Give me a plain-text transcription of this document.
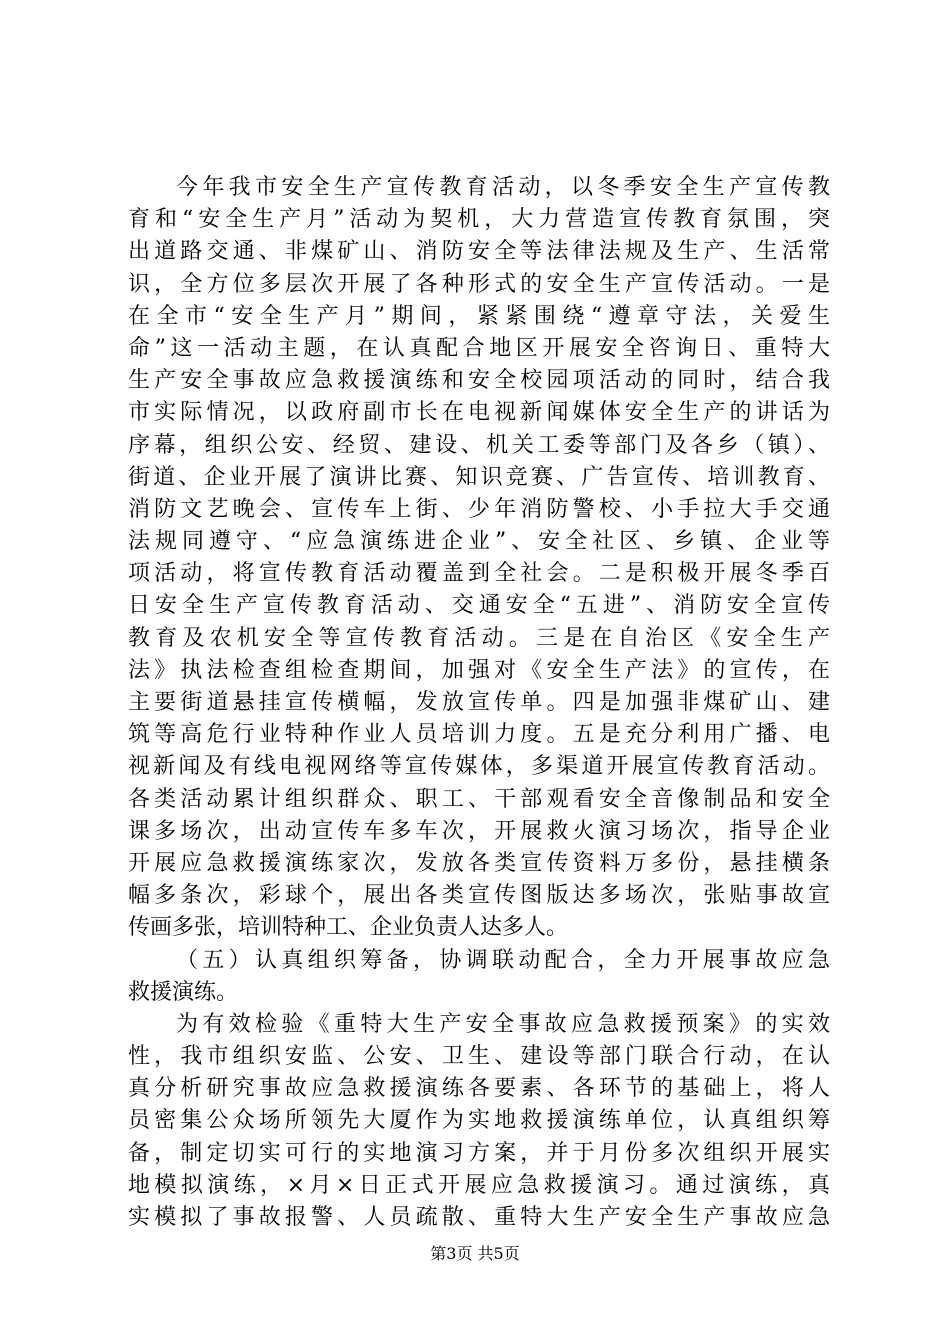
今年我市安全生产宣传教育活动，以冬季安全生产宣传教
育和“安全生产月”活动为契机，大力营造宣传教育氛围，突
出道路交通、非煤矿山、消防安全等法律法规及生产、生活常
识，全方位多层次开展了各种形式的安全生产宣传活动。一是
在全市“安全生产月”期间，紧紧围绕“遵章守法，关爱生
命”这一活动主题，在认真配合地区开展安全咨询日、重特大
生产安全事故应急救援演练和安全校园项活动的同时，结合我
市实际情况，以政府副市长在电视新闻媒体安全生产的讲话为
序幕，组织公安、经贸、建设、机关工委等部门及各乡（镇）、
街道、企业开展了演讲比赛、知识竞赛、广告宣传、培训教育、
消防文艺晚会、宣传车上街、少年消防警校、小手拉大手交通
法规同遵守、“应急演练进企业”、安全社区、乡镇、企业等
项活动，将宣传教育活动覆盖到全社会。二是积极开展冬季百
日安全生产宣传教育活动、交通安全“五进”、消防安全宣传
教育及农机安全等宣传教育活动。三是在自治区《安全生产
法》执法检查组检查期间，加强对《安全生产法》的宣传，在
主要街道悬挂宣传横幅，发放宣传单。四是加强非煤矿山、建
筑等高危行业特种作业人员培训力度。五是充分利用广播、电
视新闻及有线电视网络等宣传媒体，多渠道开展宣传教育活动。
各类活动累计组织群众、职工、干部观看安全音像制品和安全
课多场次，出动宣传车多车次，开展救火演习场次，指导企业
开展应急救援演练家次，发放各类宣传资料万多份，悬挂横条
幅多条次，彩球个，展出各类宣传图版达多场次，张贴事故宣
传画多张，培训特种工、企业负责人达多人。
（五）认真组织筹备，协调联动配合，全力开展事故应急
救援演练。
为有效检验《重特大生产安全事故应急救援预案》的实效
性，我市组织安监、公安、卫生、建设等部门联合行动，在认
真分析研究事故应急救援演练各要素、各环节的基础上，将人
员密集公众场所领先大厦作为实地救援演练单位，认真组织筹
备，制定切实可行的实地演习方案，并于月份多次组织开展实
地模拟演练，×月×日正式开展应急救援演习。通过演练，真
实模拟了事故报警、人员疏散、重特大生产安全生产事故应急
第3页 共5页
